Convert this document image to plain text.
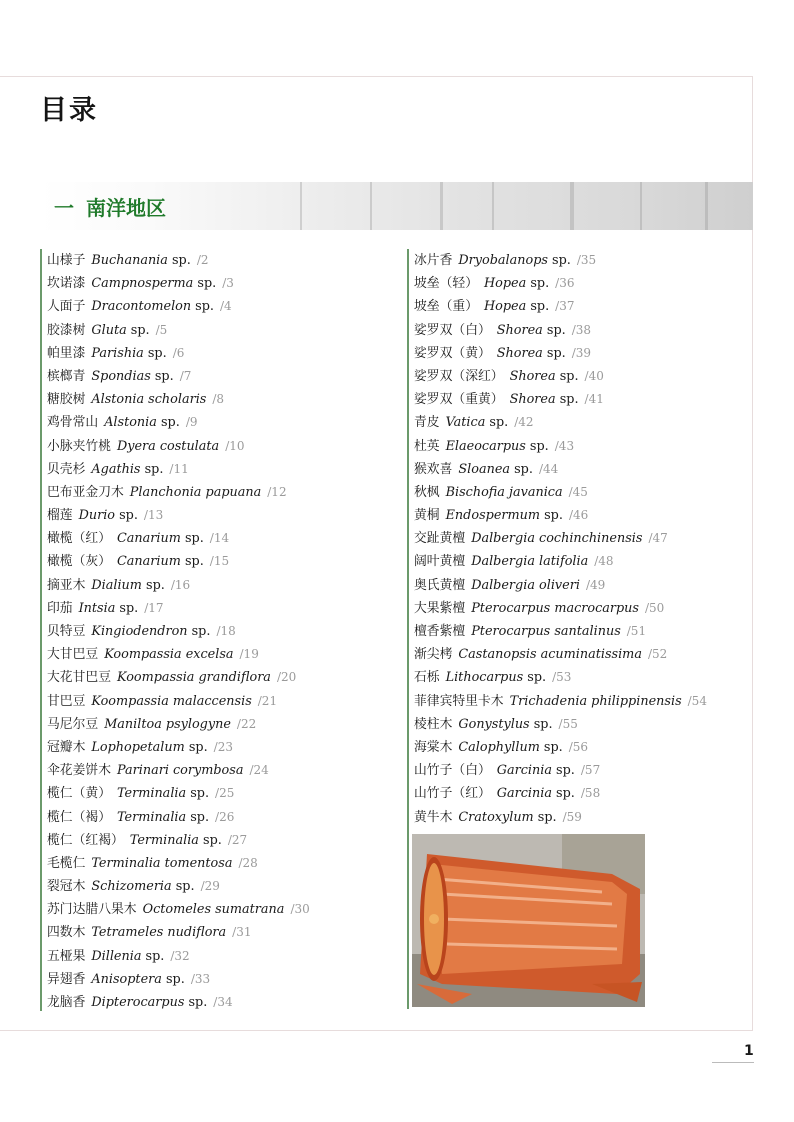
目录
一 南洋地区
山様子 Buchanania sp. /2
坎诺漆 Campnosperma sp. /3
人面子 Dracontomelon sp. /4
胶漆树 Gluta sp. /5
帕里漆 Parishia sp. /6
槟榔青 Spondias sp. /7
糖胶树 Alstonia scholaris /8
鸡骨常山 Alstonia sp. /9
小脉夹竹桃 Dyera costulata /10
贝壳杉 Agathis sp. /11
巴布亚金刀木 Planchonia papuana /12
榴莲 Durio sp. /13
橄榄（红） Canarium sp. /14
橄榄（灰） Canarium sp. /15
摘亚木 Dialium sp. /16
印茄 Intsia sp. /17
贝特豆 Kingiodendron sp. /18
大甘巴豆 Koompassia excelsa /19
大花甘巴豆 Koompassia grandiflora /20
甘巴豆 Koompassia malaccensis /21
马尼尔豆 Maniltoa psylogyne /22
冠瓣木 Lophopetalum sp. /23
伞花姜饼木 Parinari corymbosa /24
榄仁（黄） Terminalia sp. /25
榄仁（褐） Terminalia sp. /26
榄仁（红褐） Terminalia sp. /27
毛榄仁 Terminalia tomentosa /28
裂冠木 Schizomeria sp. /29
苏门达腊八果木 Octomeles sumatrana /30
四数木 Tetrameles nudiflora /31
五桠果 Dillenia sp. /32
异翅香 Anisoptera sp. /33
龙脑香 Dipterocarpus sp. /34
冰片香 Dryobalanops sp. /35
坡垒（轻） Hopea sp. /36
坡垒（重） Hopea sp. /37
娑罗双（白） Shorea sp. /38
娑罗双（黄） Shorea sp. /39
娑罗双（深红） Shorea sp. /40
娑罗双（重黄） Shorea sp. /41
青皮 Vatica sp. /42
杜英 Elaeocarpus sp. /43
猴欢喜 Sloanea sp. /44
秋枫 Bischofia javanica /45
黄桐 Endospermum sp. /46
交趾黄檀 Dalbergia cochinchinensis /47
阔叶黄檀 Dalbergia latifolia /48
奥氏黄檀 Dalbergia oliveri /49
大果紫檀 Pterocarpus macrocarpus /50
檀香紫檀 Pterocarpus santalinus /51
渐尖栲 Castanopsis acuminatissima /52
石栎 Lithocarpus sp. /53
菲律宾特里卡木 Trichadenia philippinensis /54
棱柱木 Gonystylus sp. /55
海棠木 Calophyllum sp. /56
山竹子（白） Garcinia sp. /57
山竹子（红） Garcinia sp. /58
黄牛木 Cratoxylum sp. /59
1
